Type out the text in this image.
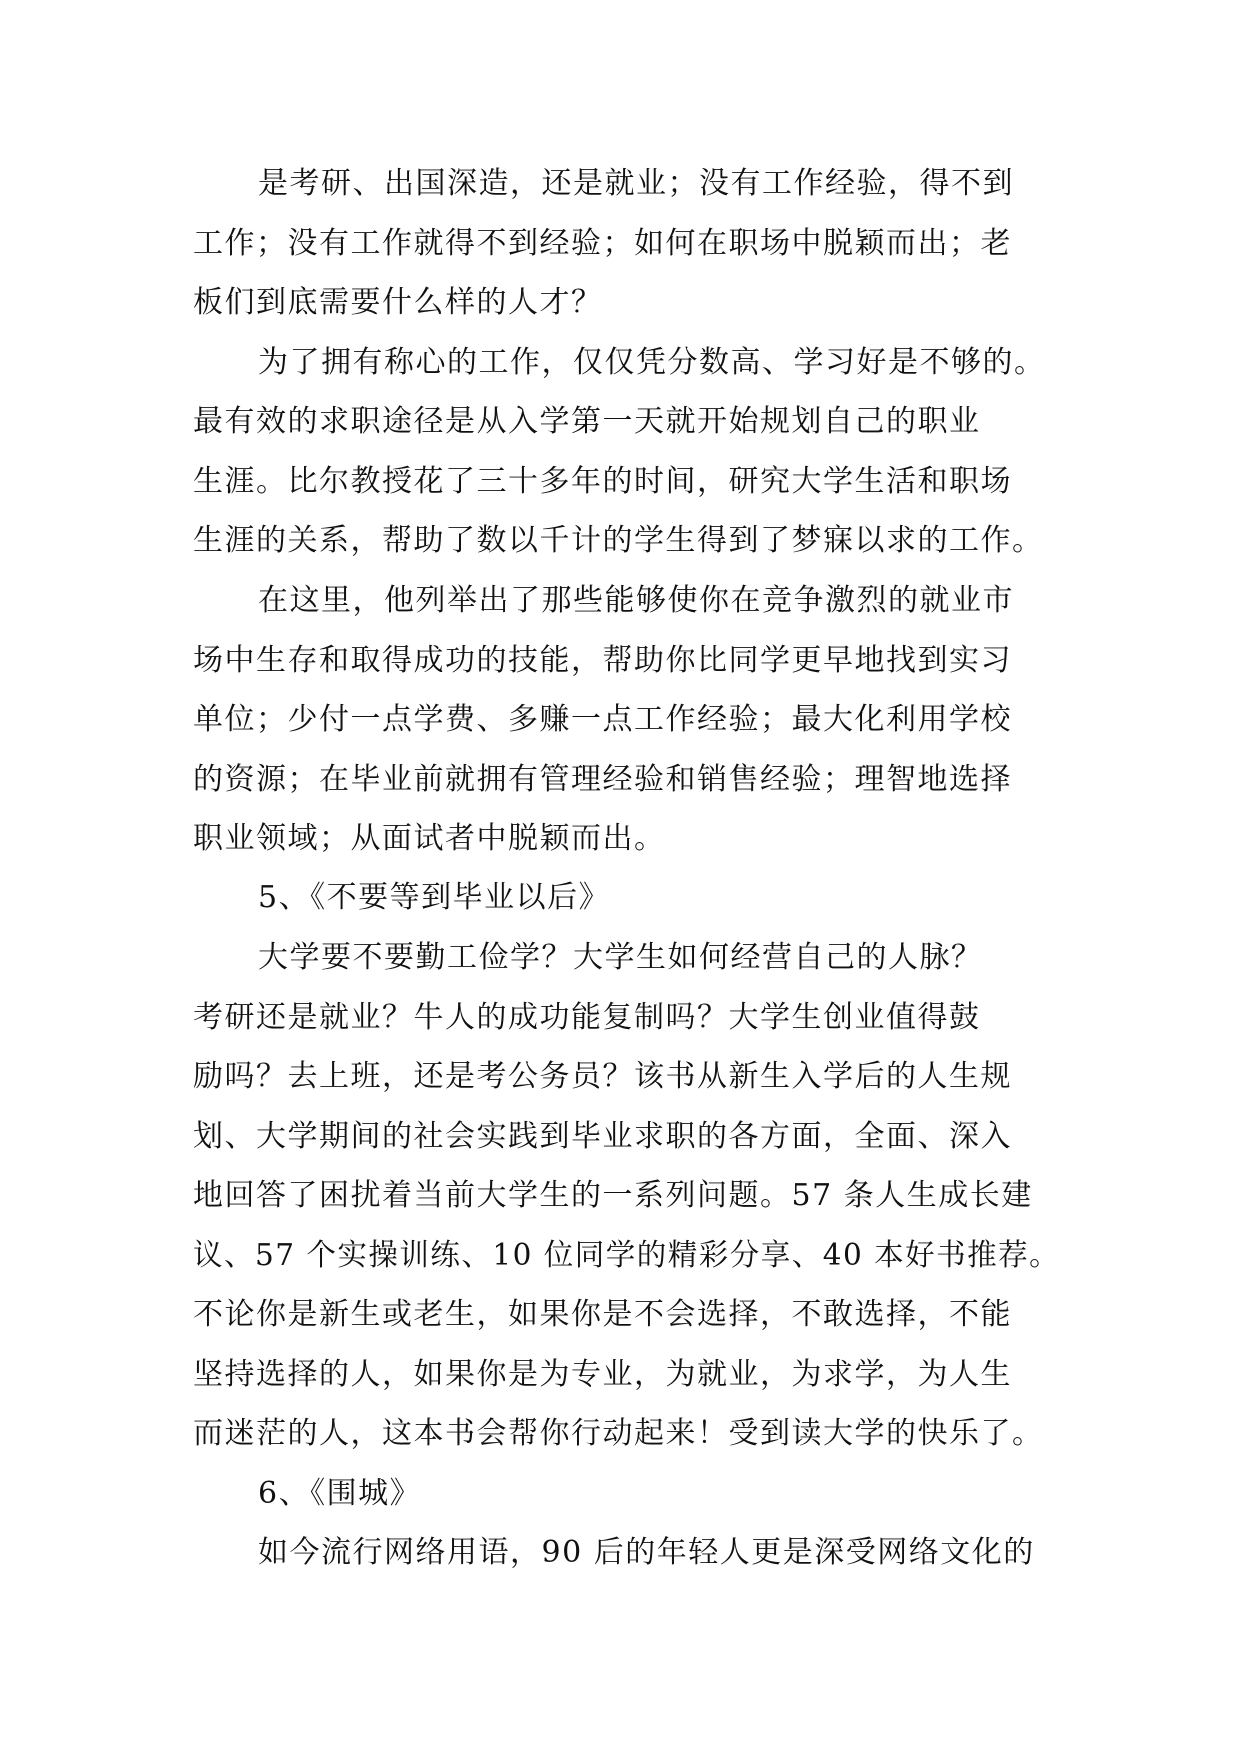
是考研、出国深造，还是就业；没有工作经验，得不到

工作；没有工作就得不到经验；如何在职场中脱颖而出；老

板们到底需要什么样的人才？

为了拥有称心的工作，仅仅凭分数高、学习好是不够的。

最有效的求职途径是从入学第一天就开始规划自己的职业

生涯。比尔教授花了三十多年的时间，研究大学生活和职场

生涯的关系，帮助了数以千计的学生得到了梦寐以求的工作。

在这里，他列举出了那些能够使你在竞争激烈的就业市

场中生存和取得成功的技能，帮助你比同学更早地找到实习

单位；少付一点学费、多赚一点工作经验；最大化利用学校

的资源；在毕业前就拥有管理经验和销售经验；理智地选择

职业领域；从面试者中脱颖而出。

5、《不要等到毕业以后》

大学要不要勤工俭学？大学生如何经营自己的人脉？

考研还是就业？牛人的成功能复制吗？大学生创业值得鼓

励吗？去上班，还是考公务员？该书从新生入学后的人生规

划、大学期间的社会实践到毕业求职的各方面，全面、深入

地回答了困扰着当前大学生的一系列问题。57 条人生成长建

议、57 个实操训练、10 位同学的精彩分享、40 本好书推荐。

不论你是新生或老生，如果你是不会选择，不敢选择，不能

坚持选择的人，如果你是为专业，为就业，为求学，为人生

而迷茫的人，这本书会帮你行动起来！受到读大学的快乐了。

6、《围城》

如今流行网络用语，90 后的年轻人更是深受网络文化的
